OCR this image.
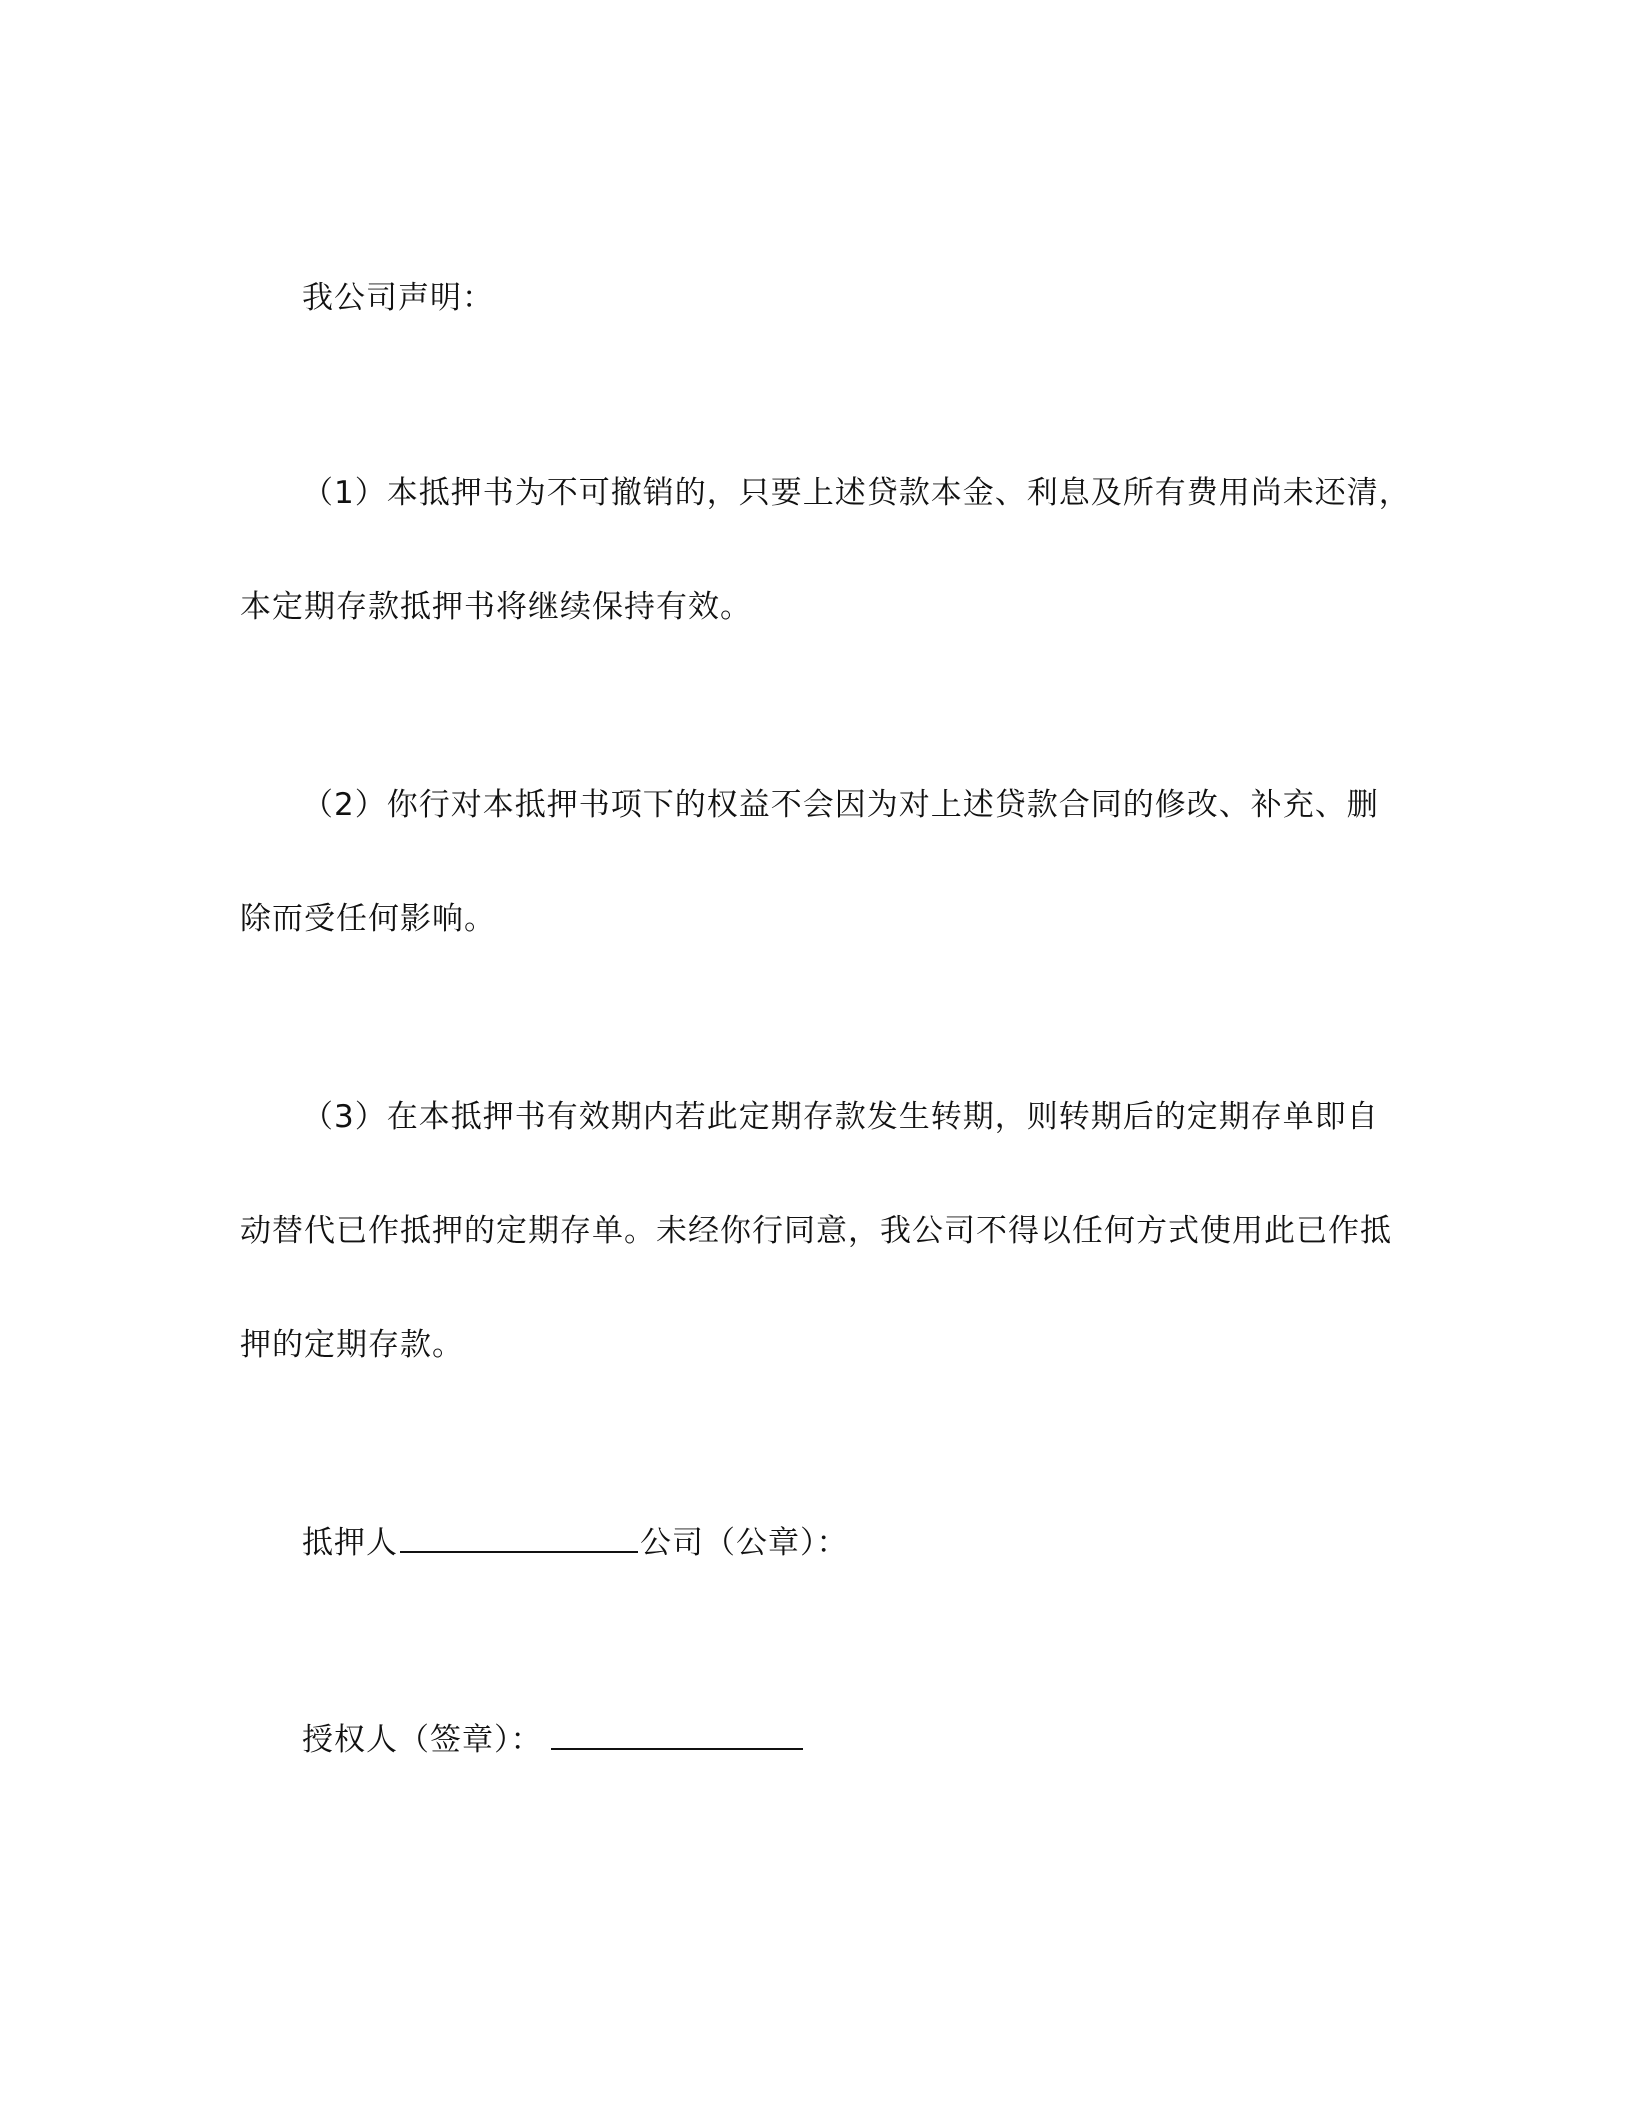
我公司声明：
（1）本抵押书为不可撤销的，只要上述贷款本金、利息及所有费用尚未还清，
本定期存款抵押书将继续保持有效。
（2）你行对本抵押书项下的权益不会因为对上述贷款合同的修改、补充、删
除而受任何影响。
（3）在本抵押书有效期内若此定期存款发生转期，则转期后的定期存单即自
动替代已作抵押的定期存单。未经你行同意，我公司不得以任何方式使用此已作抵
押的定期存款。
抵押人	公司（公章）：
授权人（签章）：
